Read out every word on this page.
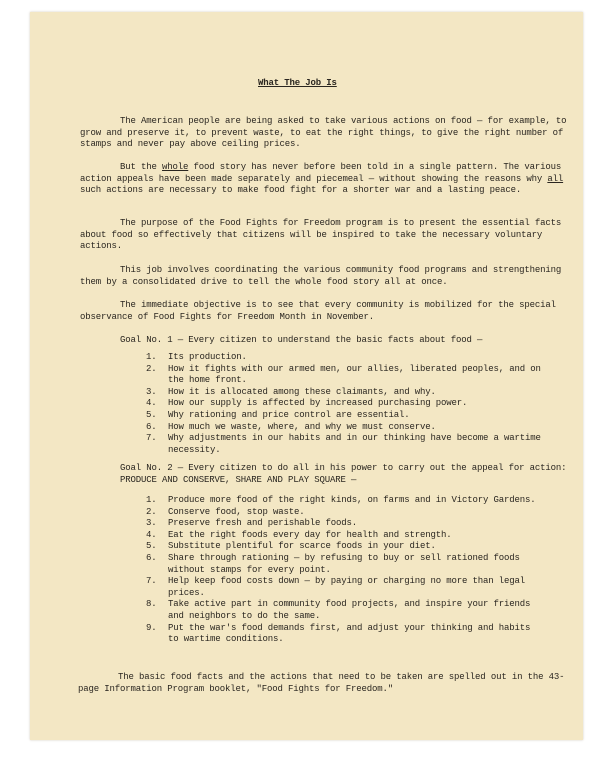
What The Job Is

The American people are being asked to take various actions on food — for example, to grow and preserve it, to prevent waste, to eat the right things, to give the right number of stamps and never pay above ceiling prices.

But the whole food story has never before been told in a single pattern. The various action appeals have been made separately and piecemeal — without showing the reasons why all such actions are necessary to make food fight for a shorter war and a lasting peace.

The purpose of the Food Fights for Freedom program is to present the essential facts about food so effectively that citizens will be inspired to take the necessary voluntary actions.

This job involves coordinating the various community food programs and strengthening them by a consolidated drive to tell the whole food story all at once.

The immediate objective is to see that every community is mobilized for the special observance of Food Fights for Freedom Month in November.

Goal No. 1 — Every citizen to understand the basic facts about food —

1. Its production.
2. How it fights with our armed men, our allies, liberated peoples, and on the home front.
3. How it is allocated among these claimants, and why.
4. How our supply is affected by increased purchasing power.
5. Why rationing and price control are essential.
6. How much we waste, where, and why we must conserve.
7. Why adjustments in our habits and in our thinking have become a wartime necessity.

Goal No. 2 — Every citizen to do all in his power to carry out the appeal for action: PRODUCE AND CONSERVE, SHARE AND PLAY SQUARE —

1. Produce more food of the right kinds, on farms and in Victory Gardens.
2. Conserve food, stop waste.
3. Preserve fresh and perishable foods.
4. Eat the right foods every day for health and strength.
5. Substitute plentiful for scarce foods in your diet.
6. Share through rationing — by refusing to buy or sell rationed foods without stamps for every point.
7. Help keep food costs down — by paying or charging no more than legal prices.
8. Take active part in community food projects, and inspire your friends and neighbors to do the same.
9. Put the war's food demands first, and adjust your thinking and habits to wartime conditions.

The basic food facts and the actions that need to be taken are spelled out in the 43-page Information Program booklet, "Food Fights for Freedom."
